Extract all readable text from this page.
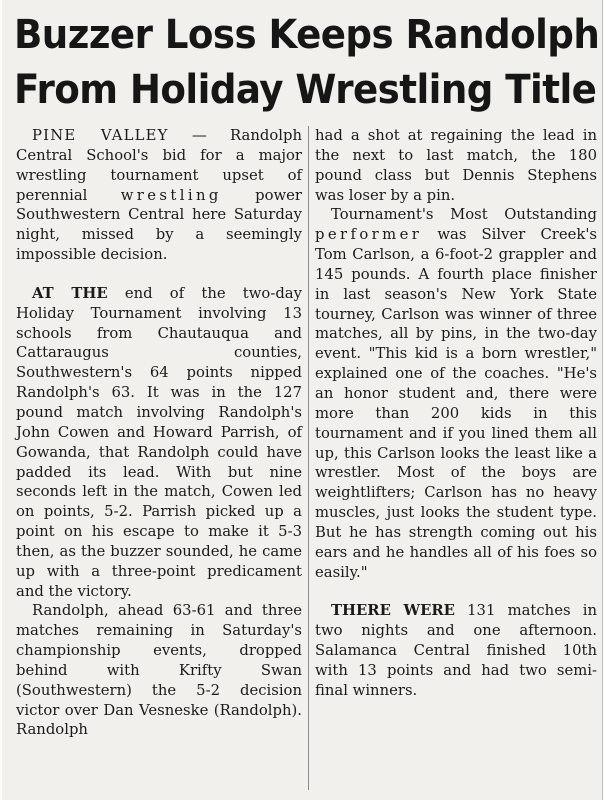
Buzzer Loss Keeps Randolph
From Holiday Wrestling Title

PINE VALLEY — Randolph Central School's bid for a major wrestling tournament upset of perennial wrestling power Southwestern Central here Saturday night, missed by a seemingly impossible decision.

AT THE end of the two-day Holiday Tournament involving 13 schools from Chautauqua and Cattaraugus counties, Southwestern's 64 points nipped Randolph's 63. It was in the 127 pound match involving Randolph's John Cowen and Howard Parrish, of Gowanda, that Randolph could have padded its lead. With but nine seconds left in the match, Cowen led on points, 5-2. Parrish picked up a point on his escape to make it 5-3 then, as the buzzer sounded, he came up with a three-point predicament and the victory.

Randolph, ahead 63-61 and three matches remaining in Saturday's championship events, dropped behind with Krifty Swan (Southwestern) the 5-2 decision victor over Dan Vesneske (Randolph). Randolph

had a shot at regaining the lead in the next to last match, the 180 pound class but Dennis Stephens was loser by a pin.

Tournament's Most Outstanding performer was Silver Creek's Tom Carlson, a 6-foot-2 grappler and 145 pounds. A fourth place finisher in last season's New York State tourney, Carlson was winner of three matches, all by pins, in the two-day event. "This kid is a born wrestler," explained one of the coaches. "He's an honor student and, there were more than 200 kids in this tournament and if you lined them all up, this Carlson looks the least like a wrestler. Most of the boys are weightlifters; Carlson has no heavy muscles, just looks the student type. But he has strength coming out his ears and he handles all of his foes so easily."

THERE WERE 131 matches in two nights and one afternoon. Salamanca Central finished 10th with 13 points and had two semi-final winners.
